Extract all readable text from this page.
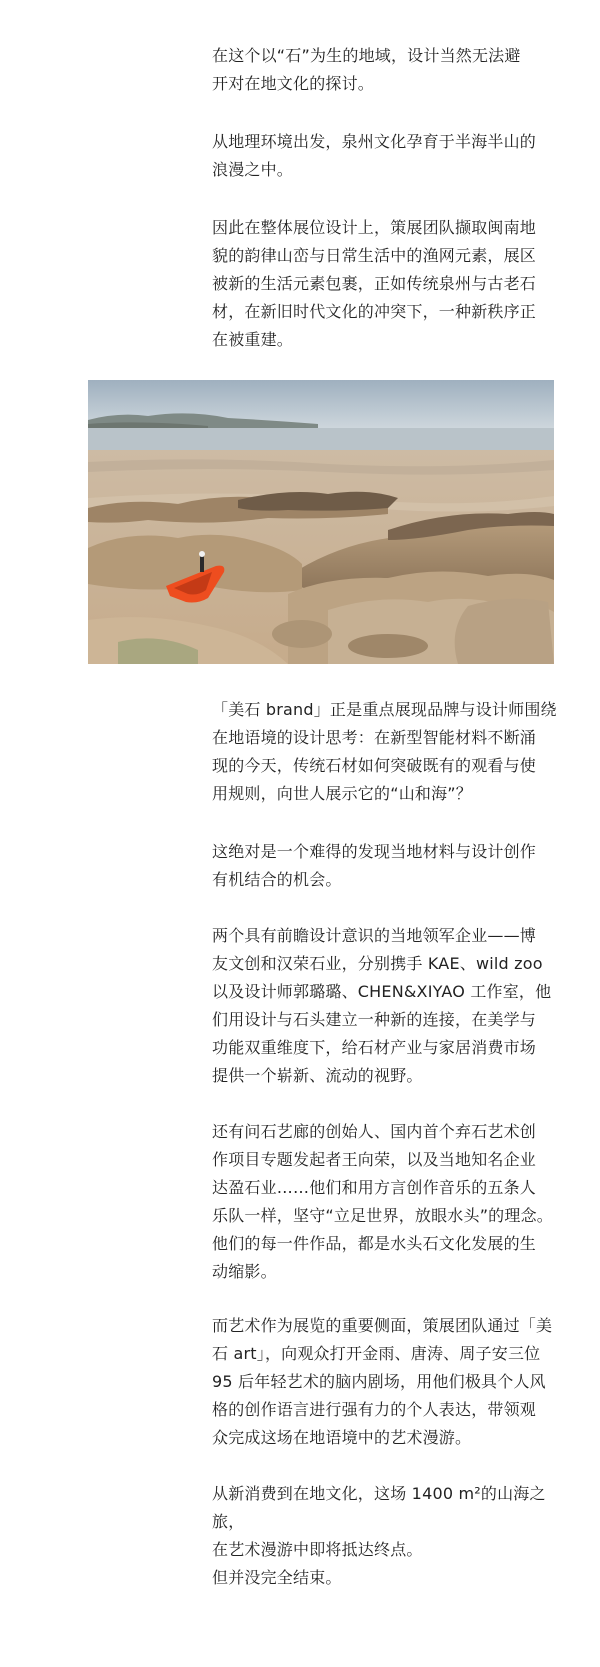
在这个以“石”为生的地域，设计当然无法避
开对在地文化的探讨。

从地理环境出发，泉州文化孕育于半海半山的
浪漫之中。

因此在整体展位设计上，策展团队撷取闽南地
貌的韵律山峦与日常生活中的渔网元素，展区
被新的生活元素包裹，正如传统泉州与古老石
材，在新旧时代文化的冲突下，一种新秩序正
在被重建。

「美石 brand」正是重点展现品牌与设计师围绕
在地语境的设计思考：在新型智能材料不断涌
现的今天，传统石材如何突破既有的观看与使
用规则，向世人展示它的“山和海”？

这绝对是一个难得的发现当地材料与设计创作
有机结合的机会。

两个具有前瞻设计意识的当地领军企业——博
友文创和汉荣石业，分别携手 KAE、wild zoo
以及设计师郭璐璐、CHEN&XIYAO 工作室，他
们用设计与石头建立一种新的连接，在美学与
功能双重维度下，给石材产业与家居消费市场
提供一个崭新、流动的视野。

还有问石艺廊的创始人、国内首个弃石艺术创
作项目专题发起者王向荣，以及当地知名企业
达盈石业……他们和用方言创作音乐的五条人
乐队一样，坚守“立足世界，放眼水头”的理念。
他们的每一件作品，都是水头石文化发展的生
动缩影。

而艺术作为展览的重要侧面，策展团队通过「美
石 art」，向观众打开金雨、唐涛、周子安三位
95 后年轻艺术的脑内剧场，用他们极具个人风
格的创作语言进行强有力的个人表达，带领观
众完成这场在地语境中的艺术漫游。

从新消费到在地文化，这场 1400 m²的山海之旅，
在艺术漫游中即将抵达终点。

但并没完全结束。
